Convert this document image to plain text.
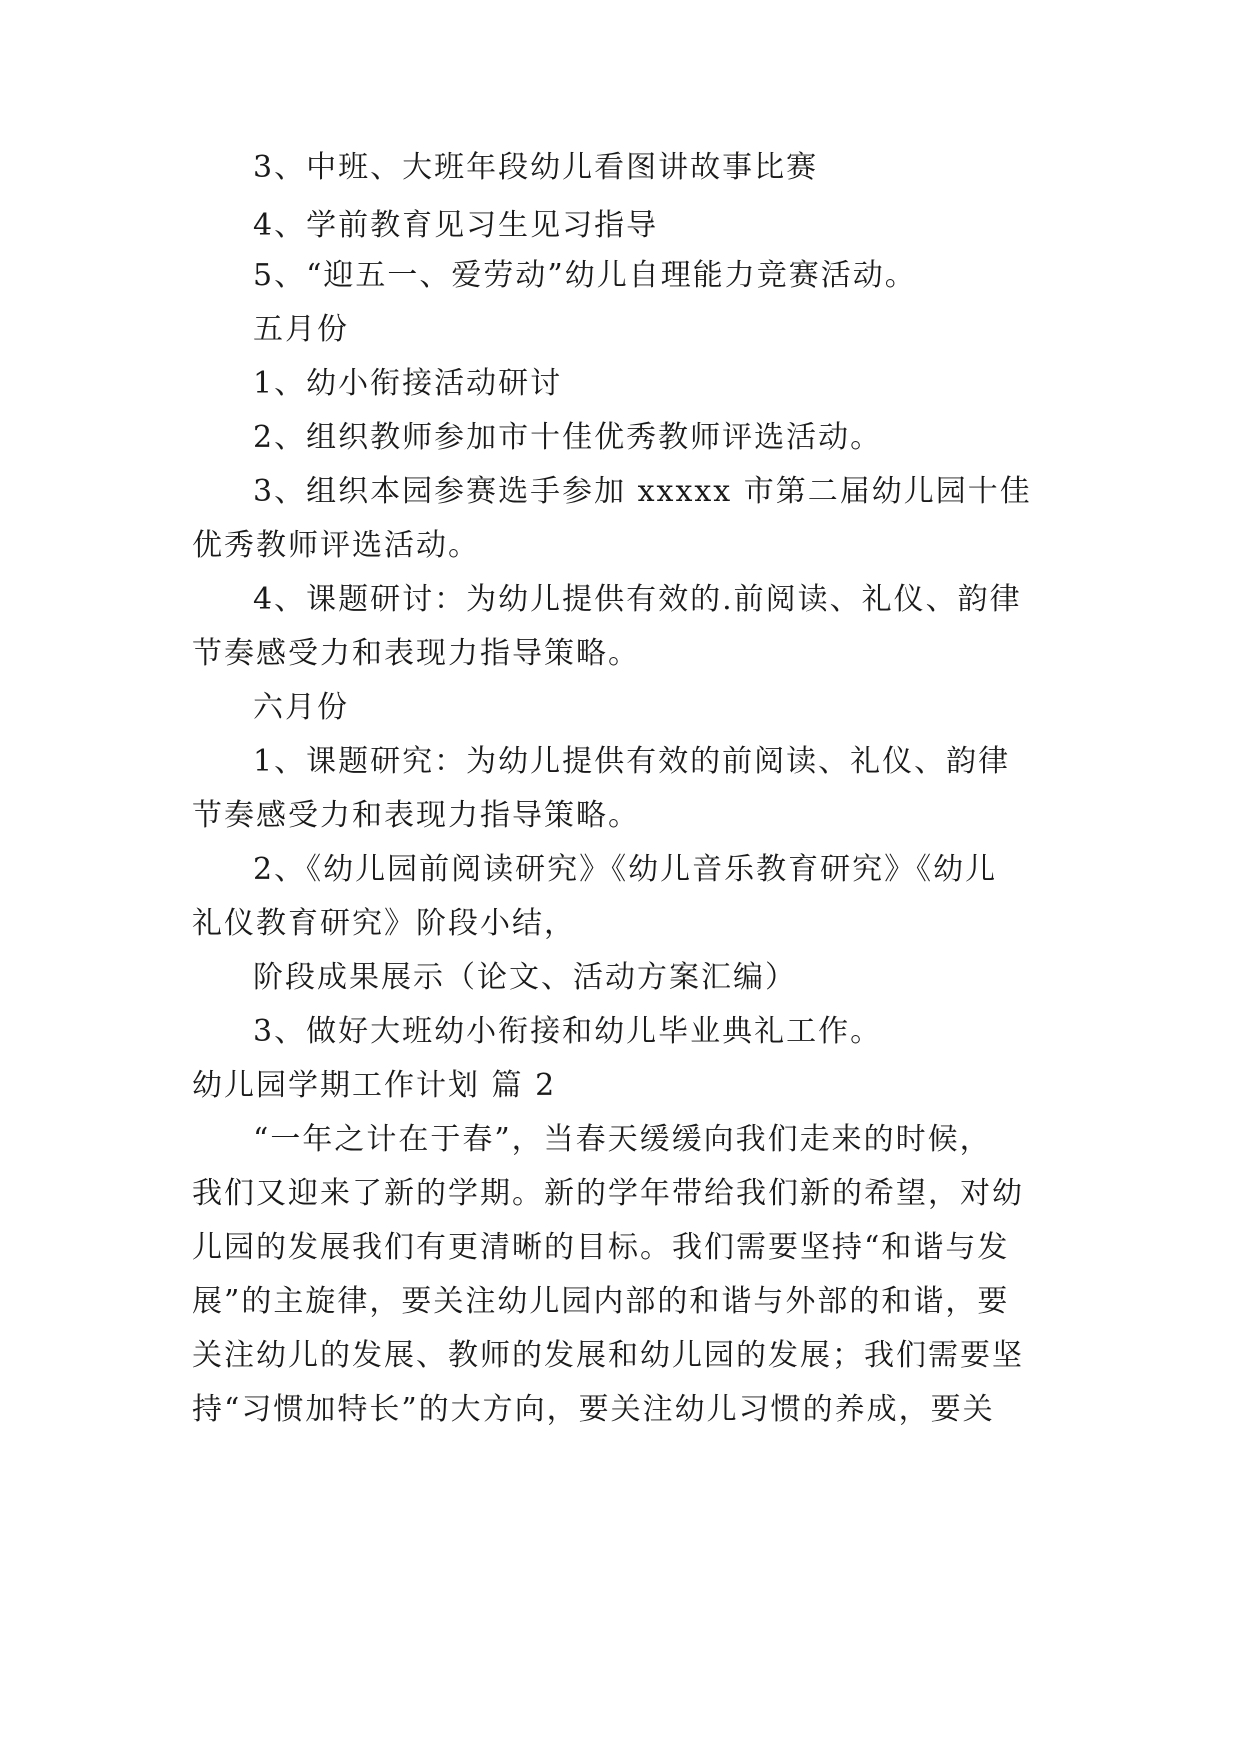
3、中班、大班年段幼儿看图讲故事比赛
4、学前教育见习生见习指导
5、“迎五一、爱劳动”幼儿自理能力竞赛活动。
五月份
1、幼小衔接活动研讨
2、组织教师参加市十佳优秀教师评选活动。
3、组织本园参赛选手参加 xxxxx 市第二届幼儿园十佳
优秀教师评选活动。
4、课题研讨：为幼儿提供有效的.前阅读、礼仪、韵律
节奏感受力和表现力指导策略。
六月份
1、课题研究：为幼儿提供有效的前阅读、礼仪、韵律
节奏感受力和表现力指导策略。
2、《幼儿园前阅读研究》《幼儿音乐教育研究》《幼儿
礼仪教育研究》阶段小结，
阶段成果展示（论文、活动方案汇编）
3、做好大班幼小衔接和幼儿毕业典礼工作。
幼儿园学期工作计划 篇 2
“一年之计在于春”，当春天缓缓向我们走来的时候，
我们又迎来了新的学期。新的学年带给我们新的希望，对幼
儿园的发展我们有更清晰的目标。我们需要坚持“和谐与发
展”的主旋律，要关注幼儿园内部的和谐与外部的和谐，要
关注幼儿的发展、教师的发展和幼儿园的发展；我们需要坚
持“习惯加特长”的大方向，要关注幼儿习惯的养成，要关
